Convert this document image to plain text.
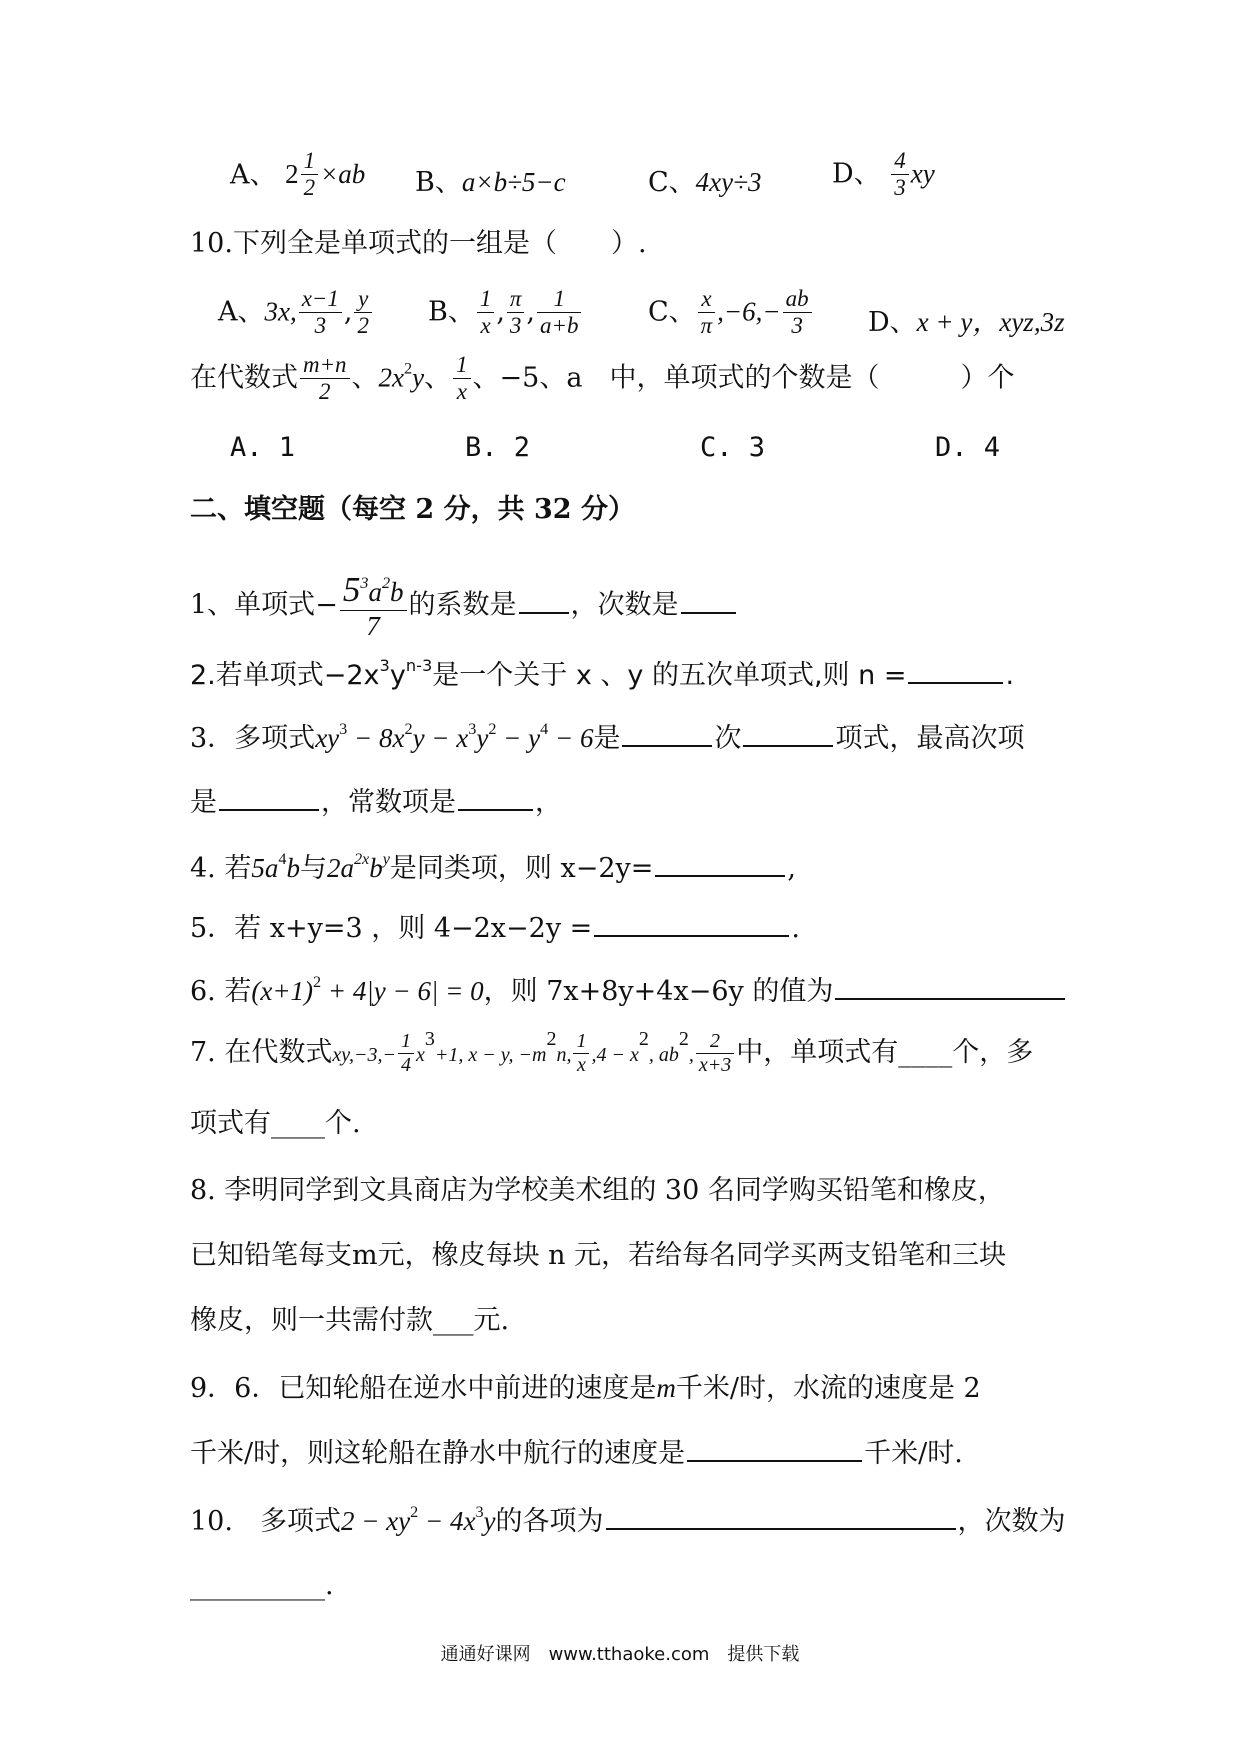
A、 $2 \frac{1}{2} \times ab$ B、a×b÷5−c	C、4xy÷3	D、 $\frac{4}{3}$ xy
10.下列全是单项式的一组是（　　）.
A、3x, $\frac{x-1}{3}$ , $\frac{y}{2}$ B、 $\frac{1}{x}$ , $\frac{\pi}{3}$ , $\frac{1}{a+b}$ C、 $\frac{x}{\pi} ,-6,- \frac{ab}{3}$ D、x + y，xyz,3z
在代数式 $\frac{m+n}{2}$ 、$2x^2y$、 $\frac{1}{x}$ 、−5、a　中，单项式的个数是（　　　）个
A. 1	B. 2	C. 3	D. 4
二、填空题（每空 2 分，共 32 分）
1、单项式− $\frac{5^3a^2b}{7}$ 的系数是 ，次数是
2.若单项式$-2x^3y^{n-3}$是一个关于 x 、y 的五次单项式,则 n =	.
3．多项式$xy^3 - 8x^2y - x^3y^2 - y^4 - 6$是	次	项式，最高次项
是	，常数项是	，
4. 若$5a^4b$与$2a^{2x}b^y$是同类项，则 x−2y=	,
5．若 x+y=3 ，则 4−2x−2y =	.
6. 若$(x+1)^2 + 4|y - 6| = 0$，则 7x+8y+4x−6y 的值为
7. 在代数式$xy,-3,- \frac{1}{4} x^3+1$, x − y, $-m^2n$, $\frac{1}{x} ,4 - x^2$, $ab^2$, $\frac{2}{x+3}$ 中，单项式有____个，多
项式有____个.
8. 李明同学到文具商店为学校美术组的 30 名同学购买铅笔和橡皮，
已知铅笔每支m元，橡皮每块 n 元，若给每名同学买两支铅笔和三块
橡皮，则一共需付款___元.
9．6．已知轮船在逆水中前进的速度是m千米/时，水流的速度是 2
千米/时，则这轮船在静水中航行的速度是	千米/时.
10.　多项式$2 - xy^2 - 4x^3y$的各项为	，次数为
__________.
通通好课网　www.tthaoke.com　提供下载
